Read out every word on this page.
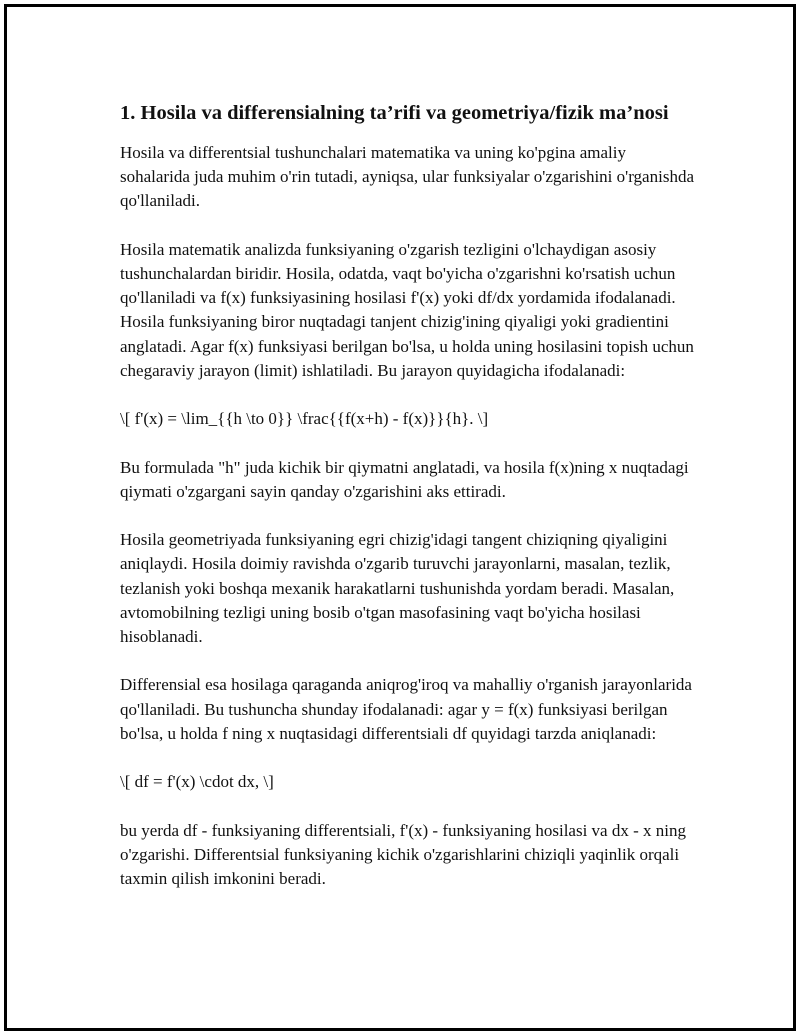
1. Hosila va differensialning ta’rifi va geometriya/fizik ma’nosi

Hosila va differentsial tushunchalari matematika va uning ko'pgina amaliy sohalarida juda muhim o'rin tutadi, ayniqsa, ular funksiyalar o'zgarishini o'rganishda qo'llaniladi.

Hosila matematik analizda funksiyaning o'zgarish tezligini o'lchaydigan asosiy tushunchalardan biridir. Hosila, odatda, vaqt bo'yicha o'zgarishni ko'rsatish uchun qo'llaniladi va f(x) funksiyasining hosilasi f'(x) yoki df/dx yordamida ifodalanadi. Hosila funksiyaning biror nuqtadagi tanjent chizig'ining qiyaligi yoki gradientini anglatadi. Agar f(x) funksiyasi berilgan bo'lsa, u holda uning hosilasini topish uchun chegaraviy jarayon (limit) ishlatiladi. Bu jarayon quyidagicha ifodalanadi:

\[ f'(x) = \lim_{{h \to 0}} \frac{{f(x+h) - f(x)}}{h}. \]

Bu formulada "h" juda kichik bir qiymatni anglatadi, va hosila f(x)ning x nuqtadagi qiymati o'zgargani sayin qanday o'zgarishini aks ettiradi.

Hosila geometriyada funksiyaning egri chizig'idagi tangent chiziqning qiyaligini aniqlaydi. Hosila doimiy ravishda o'zgarib turuvchi jarayonlarni, masalan, tezlik, tezlanish yoki boshqa mexanik harakatlarni tushunishda yordam beradi. Masalan, avtomobilning tezligi uning bosib o'tgan masofasining vaqt bo'yicha hosilasi hisoblanadi.

Differensial esa hosilaga qaraganda aniqrog'iroq va mahalliy o'rganish jarayonlarida qo'llaniladi. Bu tushuncha shunday ifodalanadi: agar y = f(x) funksiyasi berilgan bo'lsa, u holda f ning x nuqtasidagi differentsiali df quyidagi tarzda aniqlanadi:

\[ df = f'(x) \cdot dx, \]

bu yerda df - funksiyaning differentsiali, f'(x) - funksiyaning hosilasi va dx - x ning o'zgarishi. Differentsial funksiyaning kichik o'zgarishlarini chiziqli yaqinlik orqali taxmin qilish imkonini beradi.
